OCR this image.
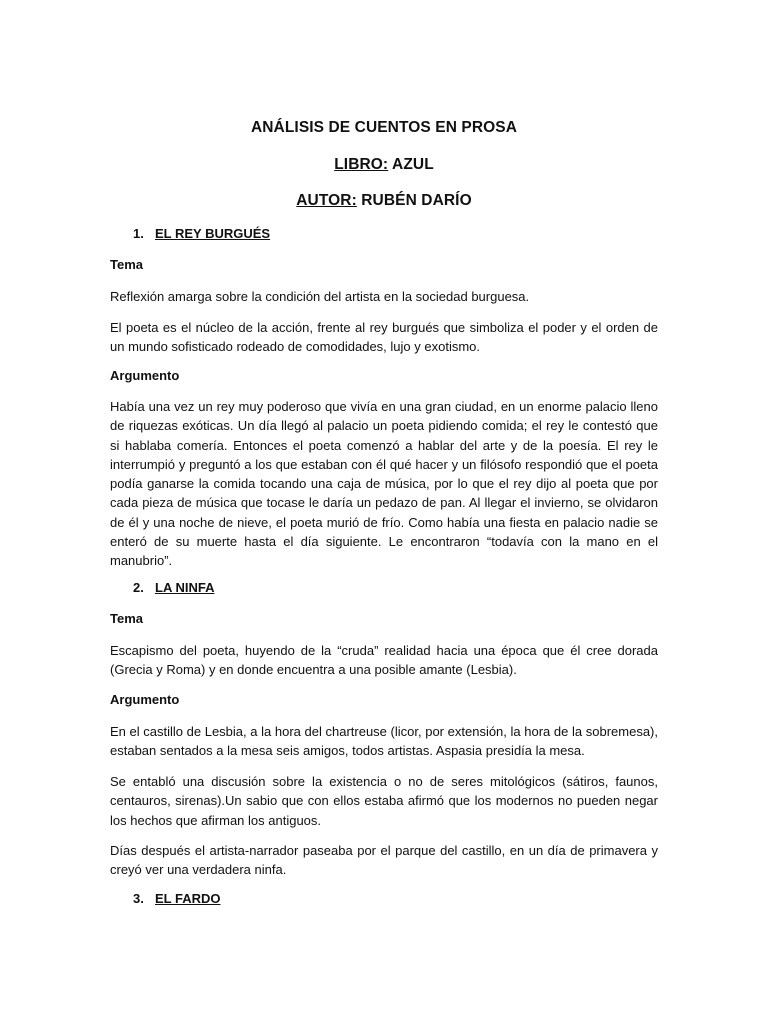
ANÁLISIS DE CUENTOS EN PROSA
LIBRO: AZUL
AUTOR: RUBÉN DARÍO
1. EL REY BURGUÉS
Tema
Reflexión amarga sobre la condición del artista en la sociedad burguesa.
El poeta es el núcleo de la acción, frente al rey burgués que simboliza el poder y el orden de un mundo sofisticado rodeado de comodidades, lujo y exotismo.
Argumento
Había una vez un rey muy poderoso que vivía en una gran ciudad, en un enorme palacio lleno de riquezas exóticas. Un día llegó al palacio un poeta pidiendo comida; el rey le contestó que si hablaba comería. Entonces el poeta comenzó a hablar del arte y de la poesía. El rey le interrumpió y preguntó a los que estaban con él qué hacer y un filósofo respondió que el poeta podía ganarse la comida tocando una caja de música, por lo que el rey dijo al poeta que por cada pieza de música que tocase le daría un pedazo de pan. Al llegar el invierno, se olvidaron de él y una noche de nieve, el poeta murió de frío. Como había una fiesta en palacio nadie se enteró de su muerte hasta el día siguiente. Le encontraron “todavía con la mano en el manubrio”.
2. LA NINFA
Tema
Escapismo del poeta, huyendo de la “cruda” realidad hacia una época que él cree dorada (Grecia y Roma) y en donde encuentra a una posible amante (Lesbia).
Argumento
En el castillo de Lesbia, a la hora del chartreuse (licor, por extensión, la hora de la sobremesa), estaban sentados a la mesa seis amigos, todos artistas. Aspasia presidía la mesa.
Se entabló una discusión sobre la existencia o no de seres mitológicos (sátiros, faunos, centauros, sirenas).Un sabio que con ellos estaba afirmó que los modernos no pueden negar los hechos que afirman los antiguos.
Días después el artista-narrador paseaba por el parque del castillo, en un día de primavera y creyó ver una verdadera ninfa.
3. EL FARDO
